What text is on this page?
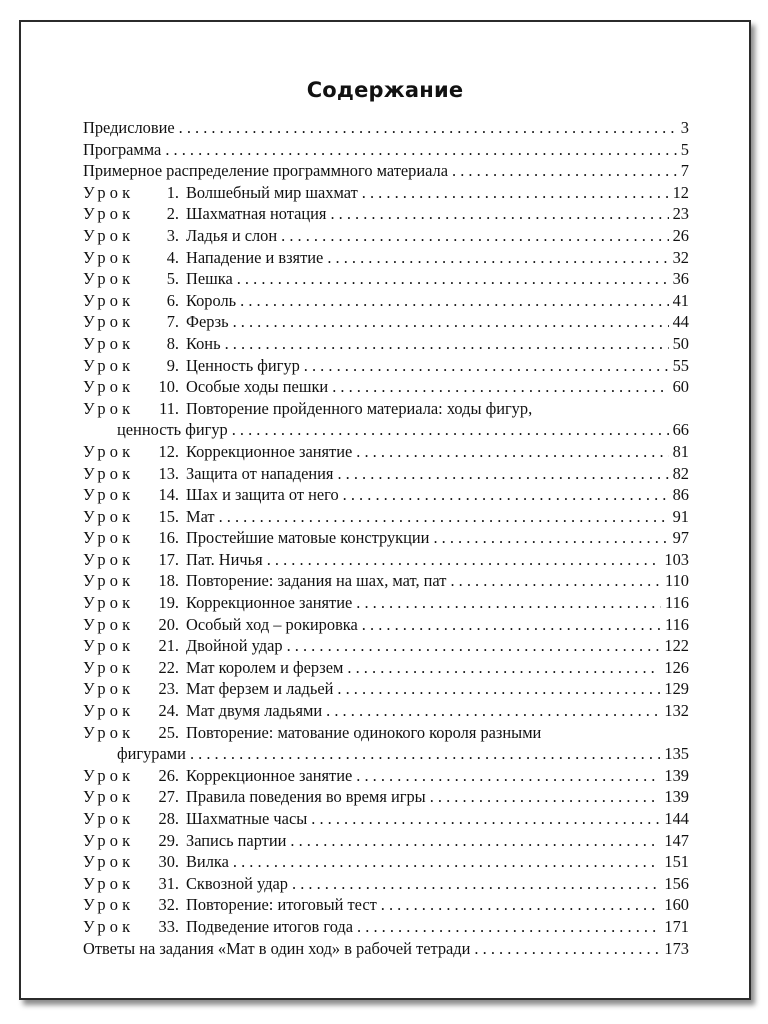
Содержание
Предисловие . . .	3
Программа . . .	5
Примерное распределение программного материала . . .	7
Урок 1. Волшебный мир шахмат . . .	12
Урок 2. Шахматная нотация . . .	23
Урок 3. Ладья и слон . . .	26
Урок 4. Нападение и взятие . . .	32
Урок 5. Пешка . . .	36
Урок 6. Король . . .	41
Урок 7. Ферзь . . .	44
Урок 8. Конь . . .	50
Урок 9. Ценность фигур . . .	55
Урок 10. Особые ходы пешки . . .	60
Урок 11. Повторение пройденного материала: ходы фигур,
ценность фигур . . .	66
Урок 12. Коррекционное занятие . . .	81
Урок 13. Защита от нападения . . .	82
Урок 14. Шах и защита от него . . .	86
Урок 15. Мат . . .	91
Урок 16. Простейшие матовые конструкции . . .	97
Урок 17. Пат. Ничья . . .	103
Урок 18. Повторение: задания на шах, мат, пат . . .	110
Урок 19. Коррекционное занятие . . .	116
Урок 20. Особый ход – рокировка . . .	116
Урок 21. Двойной удар . . .	122
Урок 22. Мат королем и ферзем . . .	126
Урок 23. Мат ферзем и ладьей . . .	129
Урок 24. Мат двумя ладьями . . .	132
Урок 25. Повторение: матование одинокого короля разными
фигурами . . .	135
Урок 26. Коррекционное занятие . . .	139
Урок 27. Правила поведения во время игры . . .	139
Урок 28. Шахматные часы . . .	144
Урок 29. Запись партии . . .	147
Урок 30. Вилка . . .	151
Урок 31. Сквозной удар . . .	156
Урок 32. Повторение: итоговый тест . . .	160
Урок 33. Подведение итогов года . . .	171
Ответы на задания «Мат в один ход» в рабочей тетради . . .	173
